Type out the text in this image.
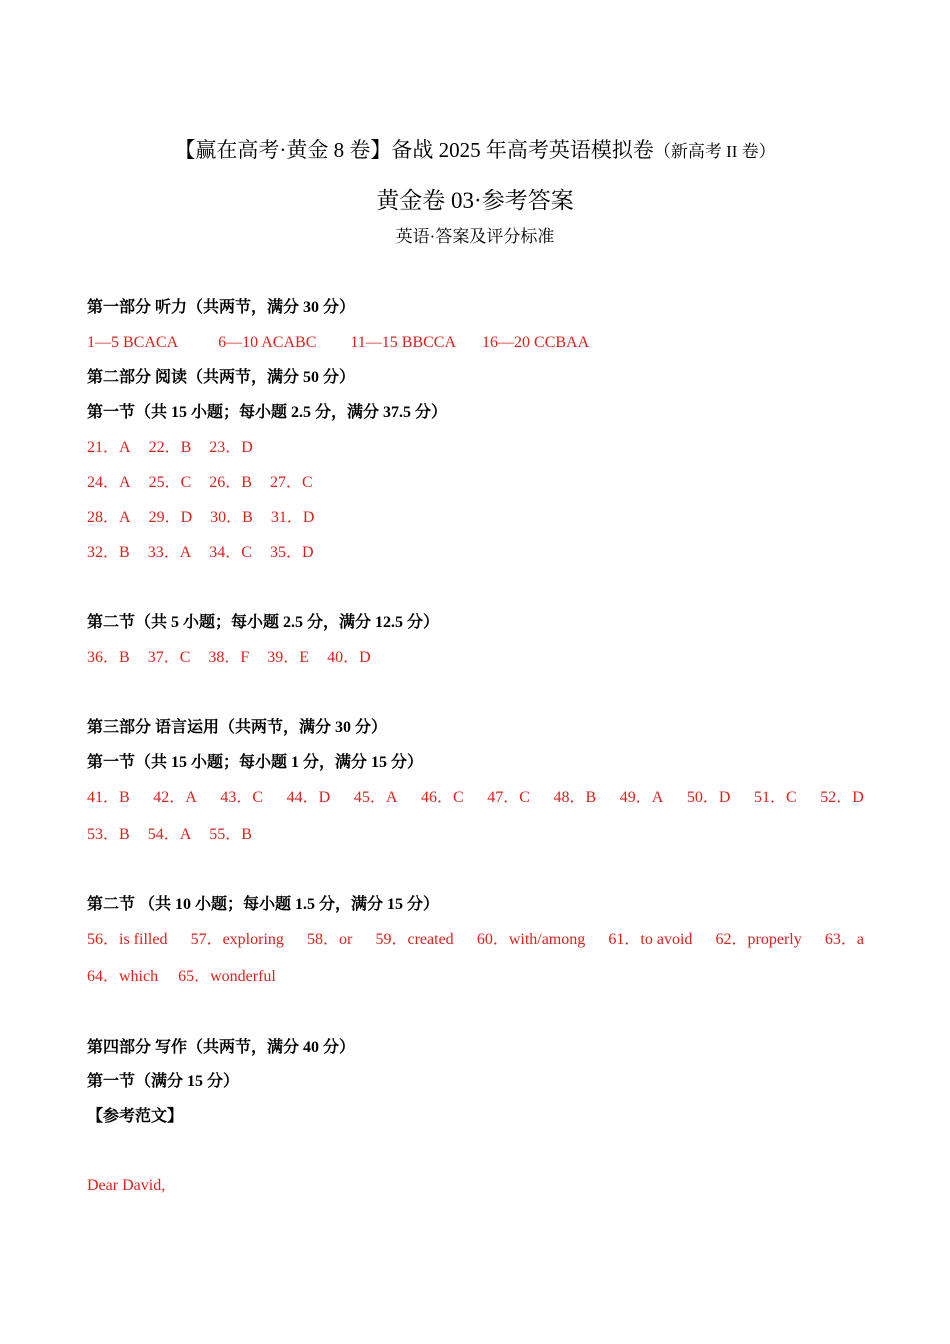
【赢在高考·黄金 8 卷】备战 2025 年高考英语模拟卷（新高考 II 卷）
黄金卷 03·参考答案
英语·答案及评分标准
第一部分 听力（共两节，满分 30 分）
1—5 BCACA	6—10 ACABC 11—15 BBCCA 16—20 CCBAA
第二部分 阅读（共两节，满分 50 分）
第一节（共 15 小题；每小题 2.5 分，满分 37.5 分）
21．A 22．B 23．D
24．A 25．C 26．B 27．C
28．A 29．D 30．B 31．D
32．B 33．A 34．C 35．D
第二节（共 5 小题；每小题 2.5 分，满分 12.5 分）
36．B 37．C 38．F 39．E 40．D
第三部分 语言运用（共两节，满分 30 分）
第一节（共 15 小题；每小题 1 分，满分 15 分）
41．B 42．A 43．C 44．D 45．A 46．C 47．C 48．B 49．A 50．D 51．C 52．D
53．B 54．A 55．B
第二节 （共 10 小题；每小题 1.5 分，满分 15 分）
56．is filled 57．exploring 58．or 59．created 60．with/among 61．to avoid 62．properly 63．a
64．which 65．wonderful
第四部分 写作（共两节，满分 40 分）
第一节（满分 15 分）
【参考范文】
Dear David,
